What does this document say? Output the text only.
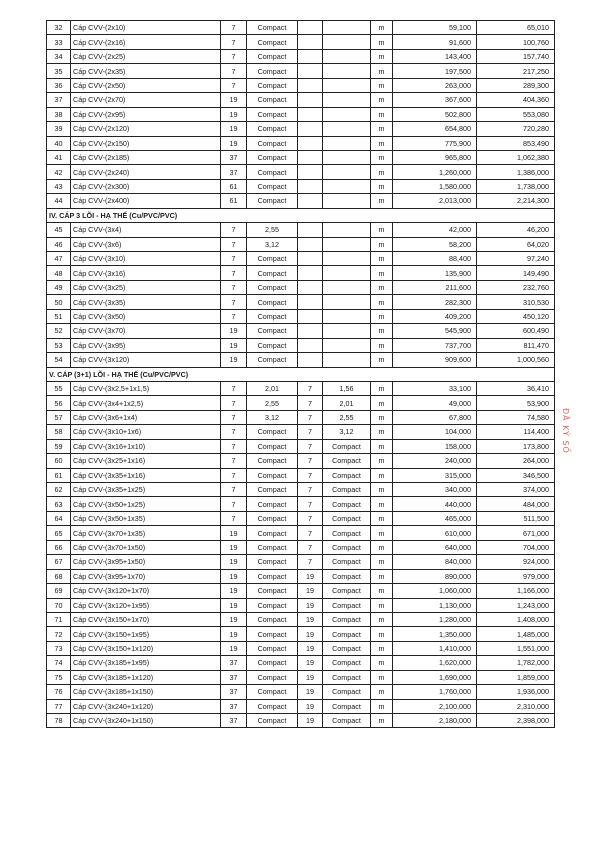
32	Cáp CVV-(2x10)	7	Compact			m	59,100	65,010
33	Cáp CVV-(2x16)	7	Compact			m	91,600	100,760
34	Cáp CVV-(2x25)	7	Compact			m	143,400	157,740
35	Cáp CVV-(2x35)	7	Compact			m	197,500	217,250
36	Cáp CVV-(2x50)	7	Compact			m	263,000	289,300
37	Cáp CVV-(2x70)	19	Compact			m	367,600	404,360
38	Cáp CVV-(2x95)	19	Compact			m	502,800	553,080
39	Cáp CVV-(2x120)	19	Compact			m	654,800	720,280
40	Cáp CVV-(2x150)	19	Compact			m	775,900	853,490
41	Cáp CVV-(2x185)	37	Compact			m	965,800	1,062,380
42	Cáp CVV-(2x240)	37	Compact			m	1,260,000	1,386,000
43	Cáp CVV-(2x300)	61	Compact			m	1,580,000	1,738,000
44	Cáp CVV-(2x400)	61	Compact			m	2,013,000	2,214,300
IV. CÁP 3 LÕI - HẠ THẾ (Cu/PVC/PVC)								
45	Cáp CVV-(3x4)	7	2,55			m	42,000	46,200
46	Cáp CVV-(3x6)	7	3,12			m	58,200	64,020
47	Cáp CVV-(3x10)	7	Compact			m	88,400	97,240
48	Cáp CVV-(3x16)	7	Compact			m	135,900	149,490
49	Cáp CVV-(3x25)	7	Compact			m	211,600	232,760
50	Cáp CVV-(3x35)	7	Compact			m	282,300	310,530
51	Cáp CVV-(3x50)	7	Compact			m	409,200	450,120
52	Cáp CVV-(3x70)	19	Compact			m	545,900	600,490
53	Cáp CVV-(3x95)	19	Compact			m	737,700	811,470
54	Cáp CVV-(3x120)	19	Compact			m	909,600	1,000,560
V. CÁP (3+1) LÕI - HẠ THẾ (Cu/PVC/PVC)								
55	Cáp CVV-(3x2,5+1x1,5)	7	2,01	7	1,56	m	33,100	36,410
56	Cáp CVV-(3x4+1x2,5)	7	2,55	7	2,01	m	49,000	53,900
57	Cáp CVV-(3x6+1x4)	7	3,12	7	2,55	m	67,800	74,580
58	Cáp CVV-(3x10+1x6)	7	Compact	7	3,12	m	104,000	114,400
59	Cáp CVV-(3x16+1x10)	7	Compact	7	Compact	m	158,000	173,800
60	Cáp CVV-(3x25+1x16)	7	Compact	7	Compact	m	240,000	264,000
61	Cáp CVV-(3x35+1x16)	7	Compact	7	Compact	m	315,000	346,500
62	Cáp CVV-(3x35+1x25)	7	Compact	7	Compact	m	340,000	374,000
63	Cáp CVV-(3x50+1x25)	7	Compact	7	Compact	m	440,000	484,000
64	Cáp CVV-(3x50+1x35)	7	Compact	7	Compact	m	465,000	511,500
65	Cáp CVV-(3x70+1x35)	19	Compact	7	Compact	m	610,000	671,000
66	Cáp CVV-(3x70+1x50)	19	Compact	7	Compact	m	640,000	704,000
67	Cáp CVV-(3x95+1x50)	19	Compact	7	Compact	m	840,000	924,000
68	Cáp CVV-(3x95+1x70)	19	Compact	19	Compact	m	890,000	979,000
69	Cáp CVV-(3x120+1x70)	19	Compact	19	Compact	m	1,060,000	1,166,000
70	Cáp CVV-(3x120+1x95)	19	Compact	19	Compact	m	1,130,000	1,243,000
71	Cáp CVV-(3x150+1x70)	19	Compact	19	Compact	m	1,280,000	1,408,000
72	Cáp CVV-(3x150+1x95)	19	Compact	19	Compact	m	1,350,000	1,485,000
73	Cáp CVV-(3x150+1x120)	19	Compact	19	Compact	m	1,410,000	1,551,000
74	Cáp CVV-(3x185+1x95)	37	Compact	19	Compact	m	1,620,000	1,782,000
75	Cáp CVV-(3x185+1x120)	37	Compact	19	Compact	m	1,690,000	1,859,000
76	Cáp CVV-(3x185+1x150)	37	Compact	19	Compact	m	1,760,000	1,936,000
77	Cáp CVV-(3x240+1x120)	37	Compact	19	Compact	m	2,100,000	2,310,000
78	Cáp CVV-(3x240+1x150)	37	Compact	19	Compact	m	2,180,000	2,398,000
ĐÃ KÝ SỐ
